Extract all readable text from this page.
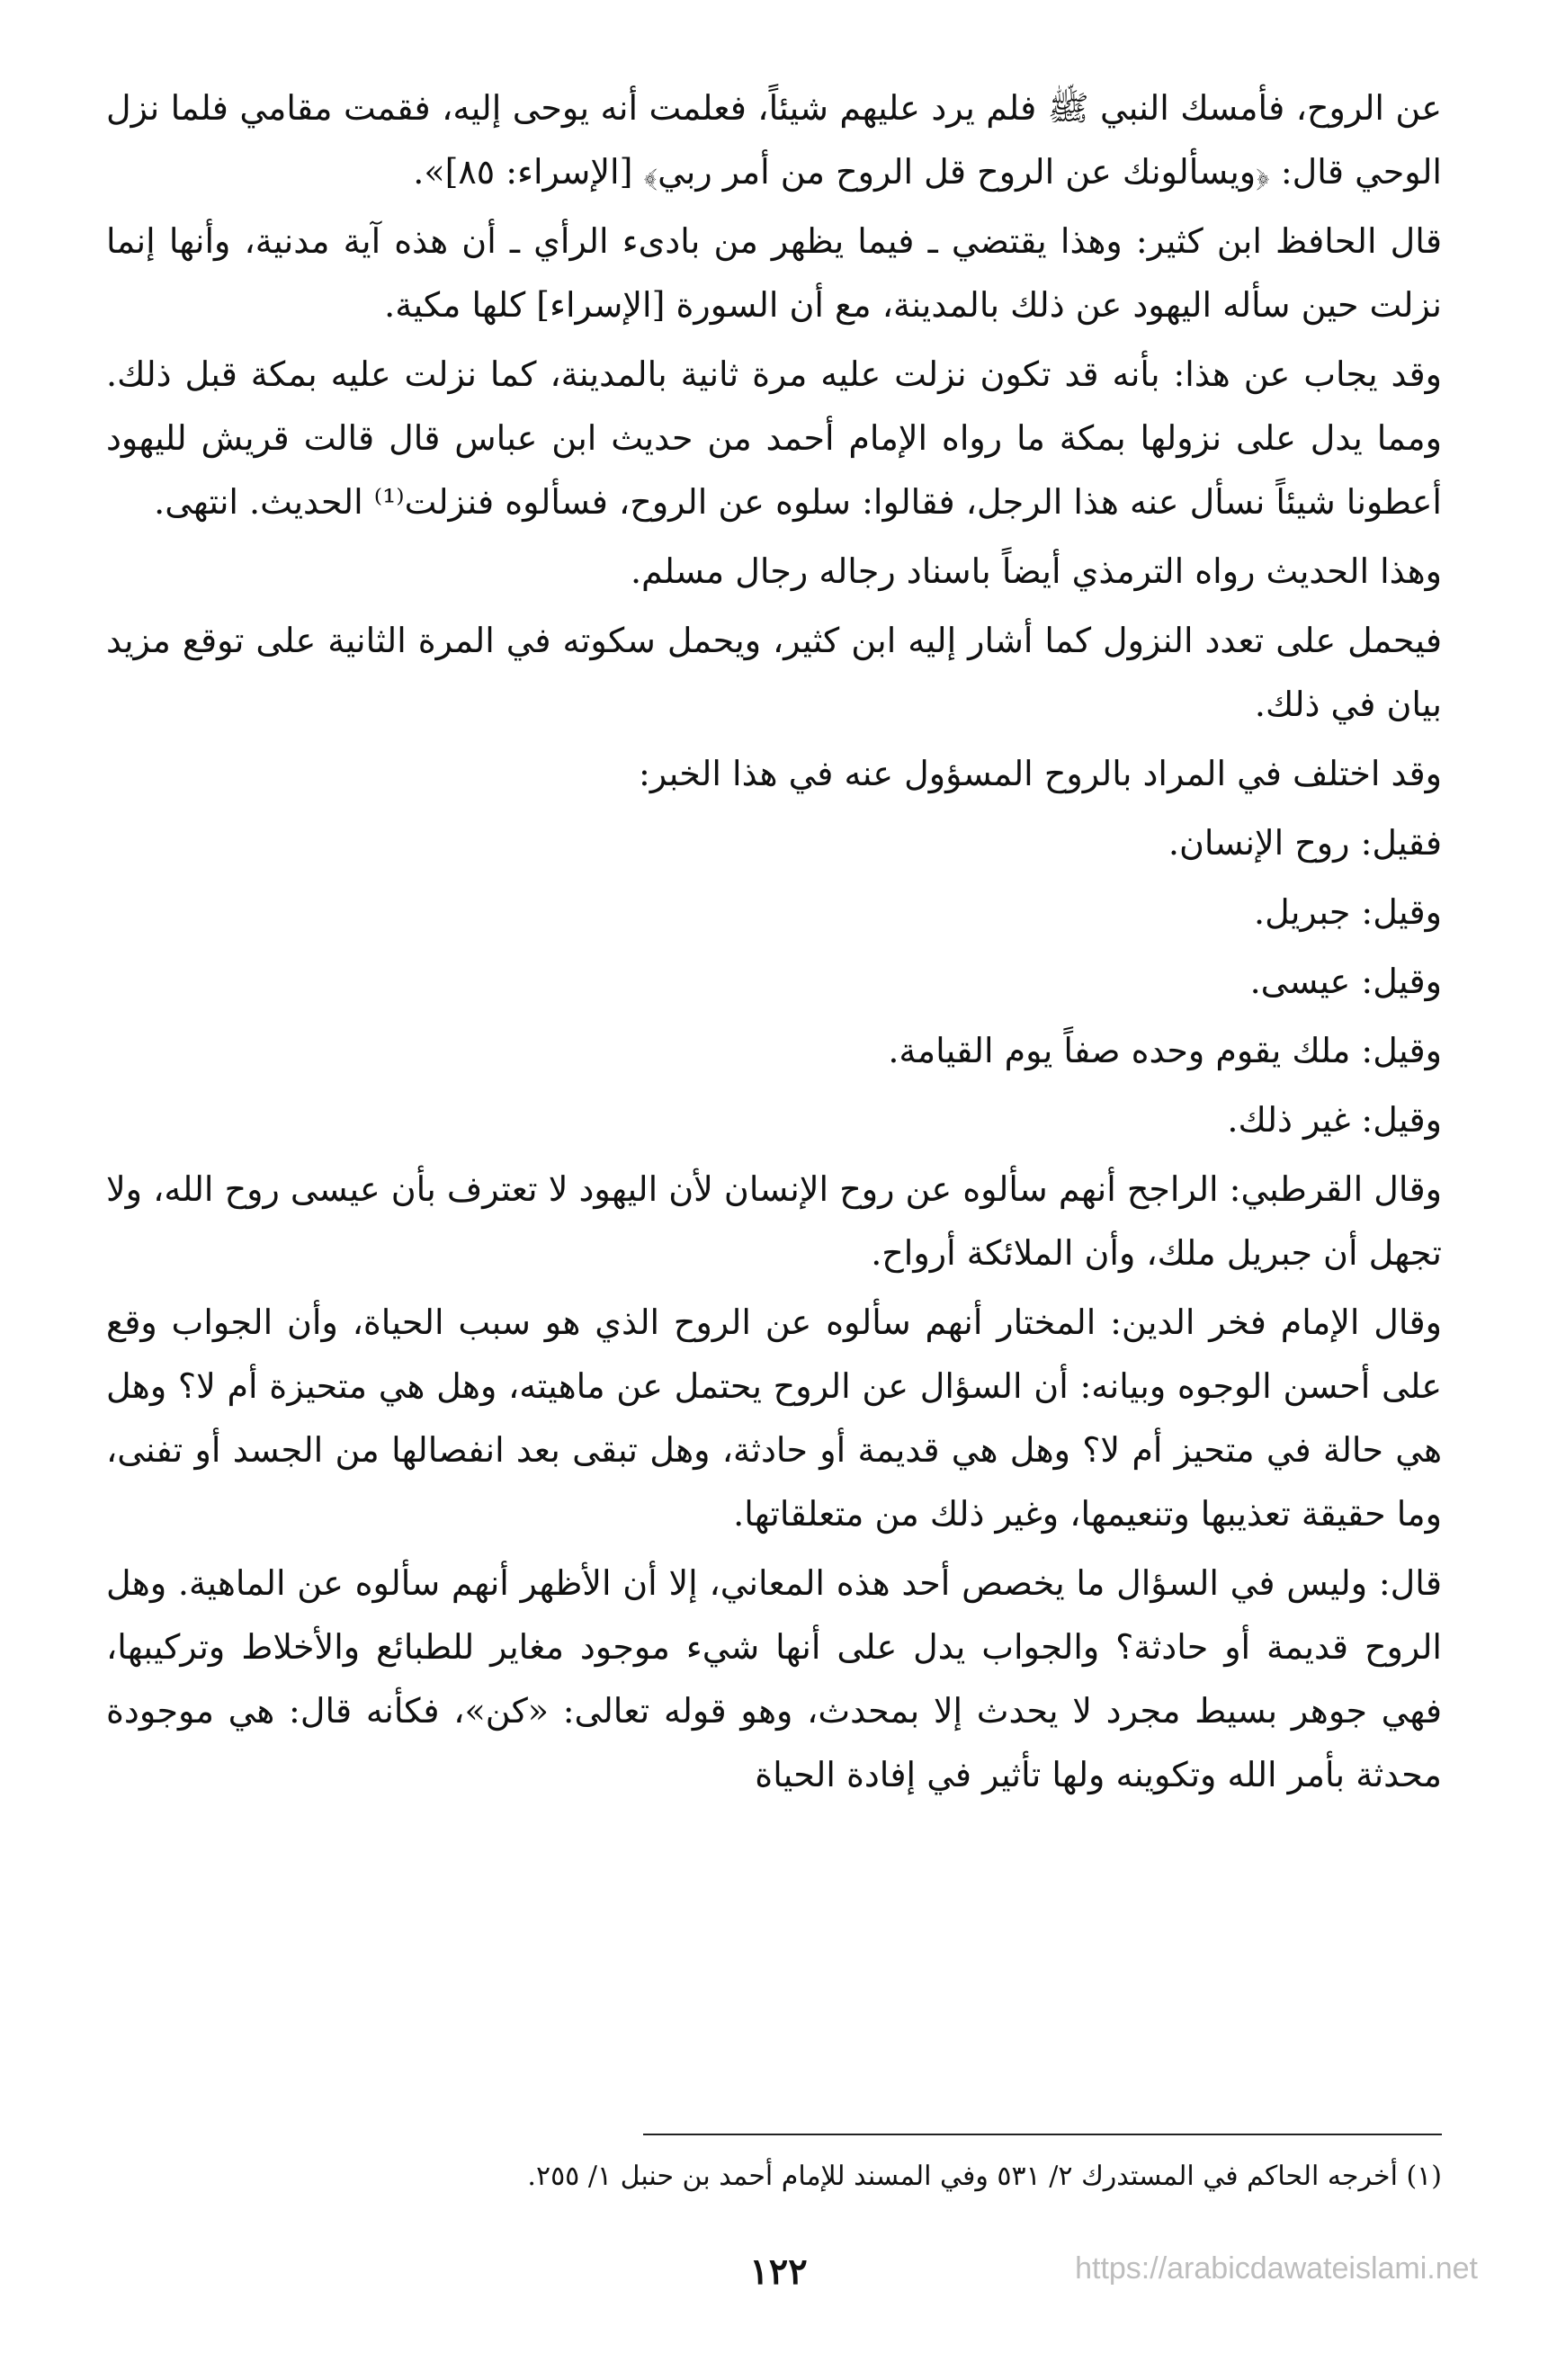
عن الروح، فأمسك النبي ﷺ فلم يرد عليهم شيئاً، فعلمت أنه يوحى إليه، فقمت مقامي فلما نزل الوحي قال: ﴿ويسألونك عن الروح قل الروح من أمر ربي﴾ [الإسراء: ٨٥]».

قال الحافظ ابن كثير: وهذا يقتضي ـ فيما يظهر من بادىء الرأي ـ أن هذه آية مدنية، وأنها إنما نزلت حين سأله اليهود عن ذلك بالمدينة، مع أن السورة [الإسراء] كلها مكية.

وقد يجاب عن هذا: بأنه قد تكون نزلت عليه مرة ثانية بالمدينة، كما نزلت عليه بمكة قبل ذلك. ومما يدل على نزولها بمكة ما رواه الإمام أحمد من حديث ابن عباس قال قالت قريش لليهود أعطونا شيئاً نسأل عنه هذا الرجل، فقالوا: سلوه عن الروح، فسألوه فنزلت⁽¹⁾ الحديث. انتهى.

وهذا الحديث رواه الترمذي أيضاً باسناد رجاله رجال مسلم.

فيحمل على تعدد النزول كما أشار إليه ابن كثير، ويحمل سكوته في المرة الثانية على توقع مزيد بيان في ذلك.

وقد اختلف في المراد بالروح المسؤول عنه في هذا الخبر:

فقيل: روح الإنسان.

وقيل: جبريل.

وقيل: عيسى.

وقيل: ملك يقوم وحده صفاً يوم القيامة.

وقيل: غير ذلك.

وقال القرطبي: الراجح أنهم سألوه عن روح الإنسان لأن اليهود لا تعترف بأن عيسى روح الله، ولا تجهل أن جبريل ملك، وأن الملائكة أرواح.

وقال الإمام فخر الدين: المختار أنهم سألوه عن الروح الذي هو سبب الحياة، وأن الجواب وقع على أحسن الوجوه وبيانه: أن السؤال عن الروح يحتمل عن ماهيته، وهل هي متحيزة أم لا؟ وهل هي حالة في متحيز أم لا؟ وهل هي قديمة أو حادثة، وهل تبقى بعد انفصالها من الجسد أو تفنى، وما حقيقة تعذيبها وتنعيمها، وغير ذلك من متعلقاتها.

قال: وليس في السؤال ما يخصص أحد هذه المعاني، إلا أن الأظهر أنهم سألوه عن الماهية. وهل الروح قديمة أو حادثة؟ والجواب يدل على أنها شيء موجود مغاير للطبائع والأخلاط وتركيبها، فهي جوهر بسيط مجرد لا يحدث إلا بمحدث، وهو قوله تعالى: «كن»، فكأنه قال: هي موجودة محدثة بأمر الله وتكوينه ولها تأثير في إفادة الحياة

(١) أخرجه الحاكم في المستدرك ٢/ ٥٣١ وفي المسند للإمام أحمد بن حنبل ١/ ٢٥٥.
١٢٢	https://arabicdawateislami.net
